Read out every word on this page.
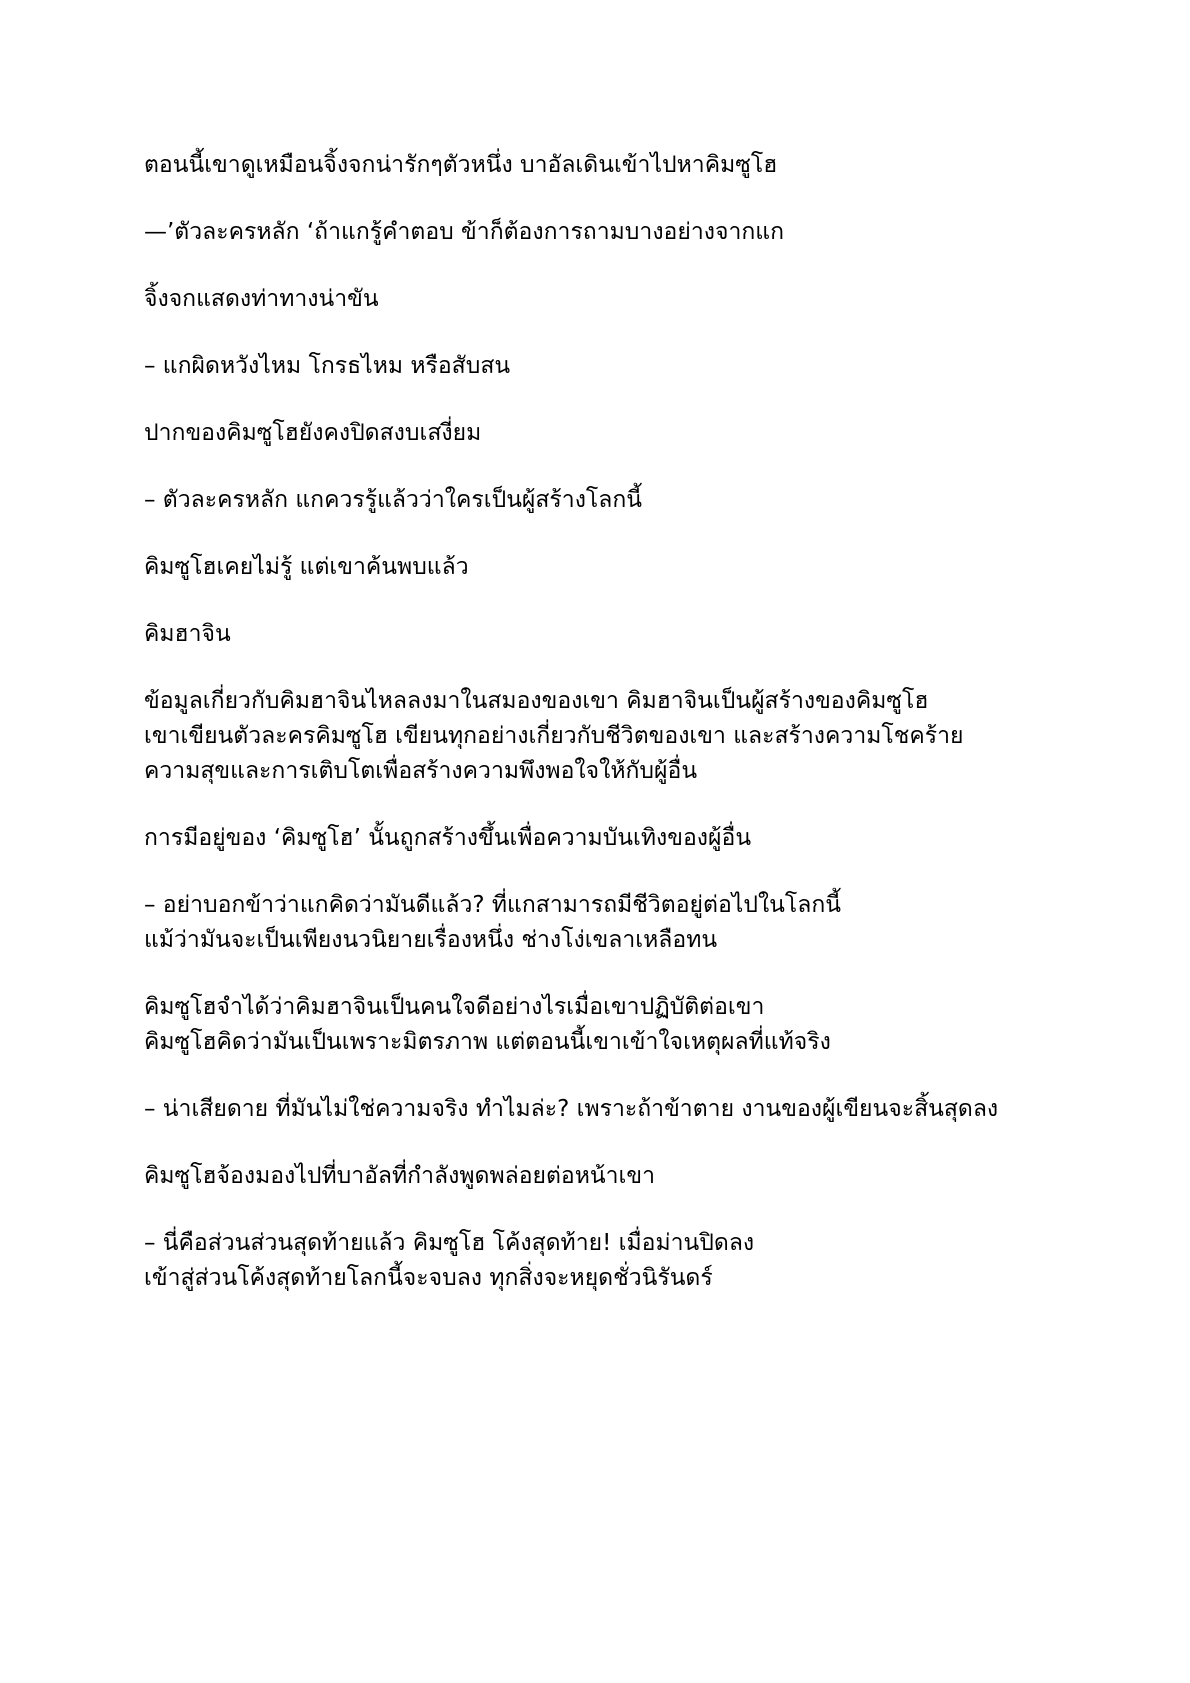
ตอนนี้เขาดูเหมือนจิ้งจกน่ารักๆตัวหนึ่ง บาอัลเดินเข้าไปหาคิมซูโฮ

—’ตัวละครหลัก ‘ถ้าแกรู้คำตอบ ข้าก็ต้องการถามบางอย่างจากแก

จิ้งจกแสดงท่าทางน่าขัน

– แกผิดหวังไหม โกรธไหม หรือสับสน

ปากของคิมซูโฮยังคงปิดสงบเสงี่ยม

– ตัวละครหลัก แกควรรู้แล้วว่าใครเป็นผู้สร้างโลกนี้

คิมซูโฮเคยไม่รู้ แต่เขาค้นพบแล้ว

คิมฮาจิน

ข้อมูลเกี่ยวกับคิมฮาจินไหลลงมาในสมองของเขา คิมฮาจินเป็นผู้สร้างของคิมซูโฮ
เขาเขียนตัวละครคิมซูโฮ เขียนทุกอย่างเกี่ยวกับชีวิตของเขา และสร้างความโชคร้าย
ความสุขและการเติบโตเพื่อสร้างความพึงพอใจให้กับผู้อื่น

การมีอยู่ของ ‘คิมซูโฮ’ นั้นถูกสร้างขึ้นเพื่อความบันเทิงของผู้อื่น

– อย่าบอกข้าว่าแกคิดว่ามันดีแล้ว? ที่แกสามารถมีชีวิตอยู่ต่อไปในโลกนี้
แม้ว่ามันจะเป็นเพียงนวนิยายเรื่องหนึ่ง ช่างโง่เขลาเหลือทน

คิมซูโฮจำได้ว่าคิมฮาจินเป็นคนใจดีอย่างไรเมื่อเขาปฏิบัติต่อเขา
คิมซูโฮคิดว่ามันเป็นเพราะมิตรภาพ แต่ตอนนี้เขาเข้าใจเหตุผลที่แท้จริง

– น่าเสียดาย ที่มันไม่ใช่ความจริง ทำไมล่ะ? เพราะถ้าข้าตาย งานของผู้เขียนจะสิ้นสุดลง

คิมซูโฮจ้องมองไปที่บาอัลที่กำลังพูดพล่อยต่อหน้าเขา

– นี่คือส่วนส่วนสุดท้ายแล้ว คิมซูโฮ โค้งสุดท้าย! เมื่อม่านปิดลง
เข้าสู่ส่วนโค้งสุดท้ายโลกนี้จะจบลง ทุกสิ่งจะหยุดชั่วนิรันดร์
